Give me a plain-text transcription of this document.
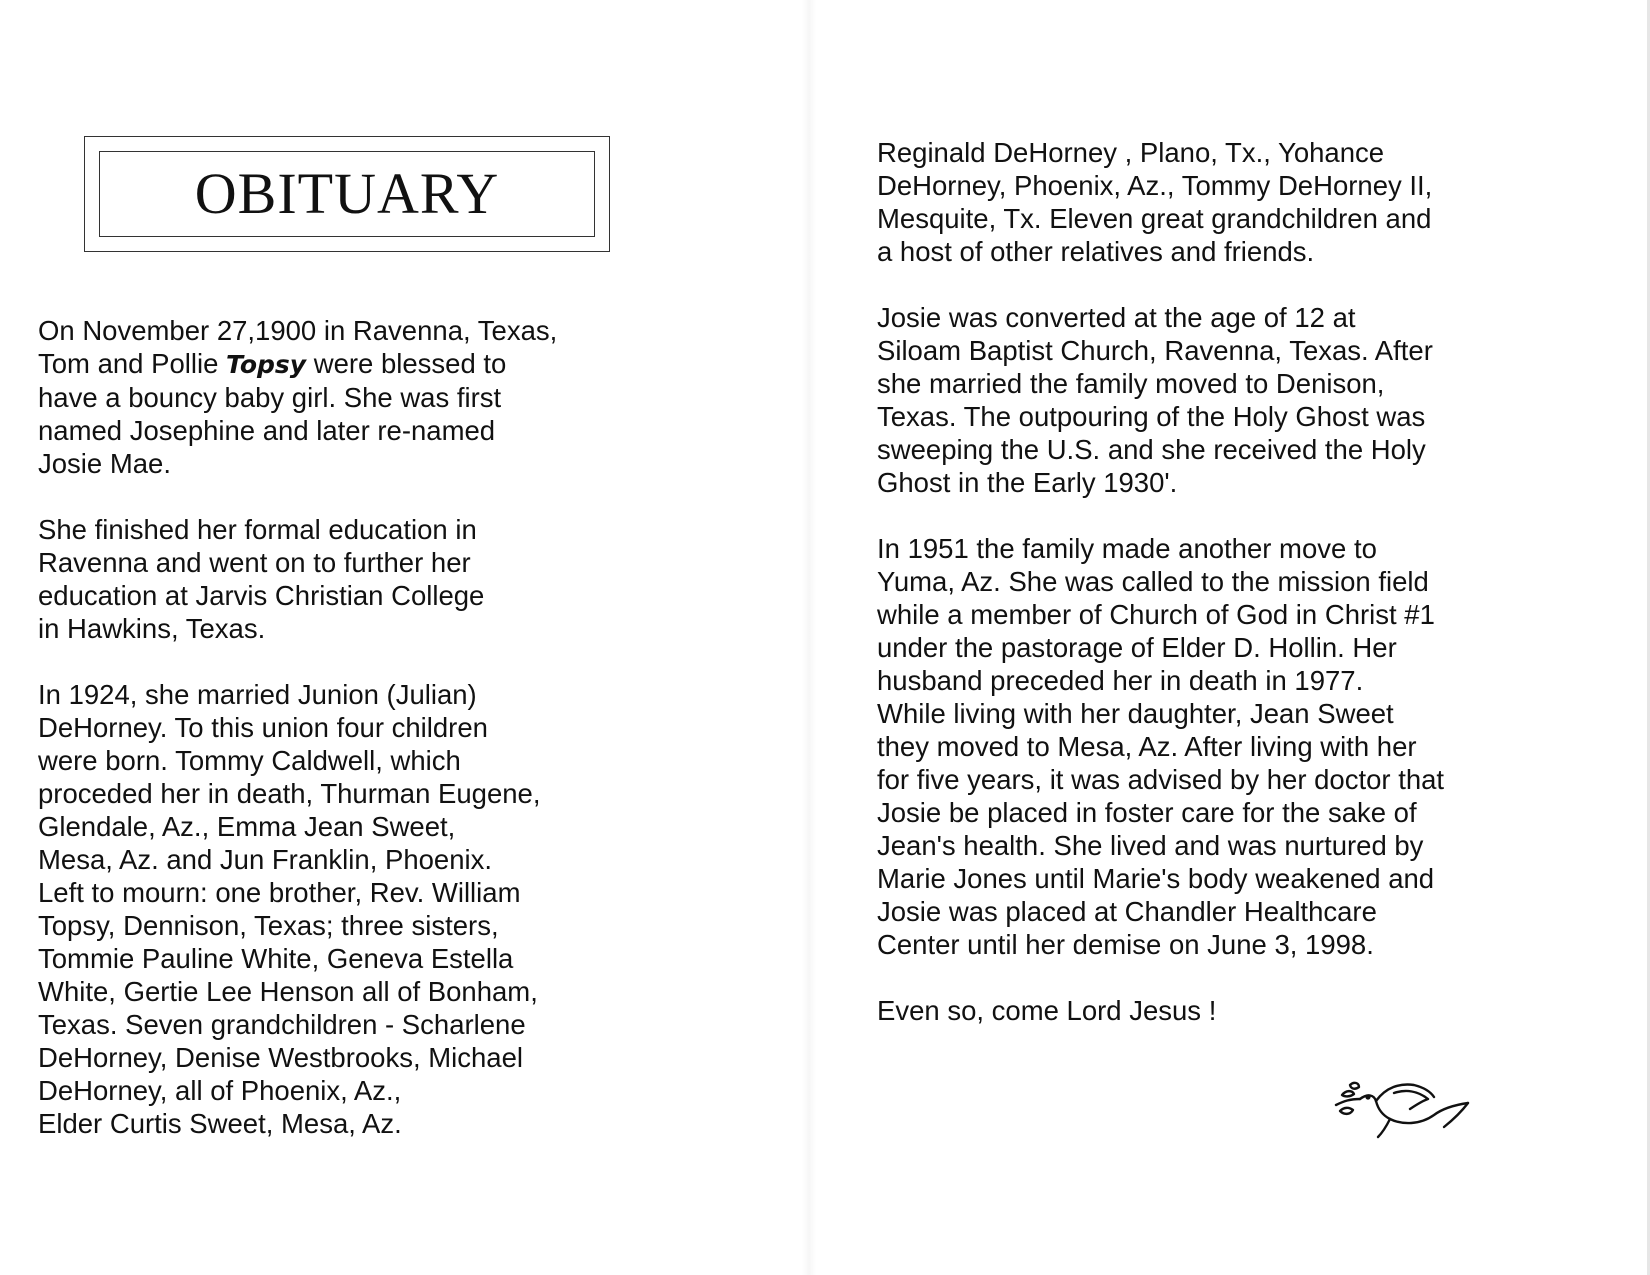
OBITUARY

On November 27,1900 in Ravenna, Texas,
Tom and Pollie Topsy were blessed to
have a bouncy baby girl. She was first
named Josephine and later re-named
Josie Mae.

She finished her formal education in
Ravenna and went on to further her
education at Jarvis Christian College
in Hawkins, Texas.

In 1924, she married Junion (Julian)
DeHorney. To this union four children
were born. Tommy Caldwell, which
proceded her in death, Thurman Eugene,
Glendale, Az., Emma Jean Sweet,
Mesa, Az. and Jun Franklin, Phoenix.
Left to mourn: one brother, Rev. William
Topsy, Dennison, Texas; three sisters,
Tommie Pauline White, Geneva Estella
White, Gertie Lee Henson all of Bonham,
Texas. Seven grandchildren - Scharlene
DeHorney, Denise Westbrooks, Michael
DeHorney, all of Phoenix, Az.,
Elder Curtis Sweet, Mesa, Az.

Reginald DeHorney , Plano, Tx., Yohance
DeHorney, Phoenix, Az., Tommy DeHorney II,
Mesquite, Tx. Eleven great grandchildren and
a host of other relatives and friends.

Josie was converted at the age of 12 at
Siloam Baptist Church, Ravenna, Texas. After
she married the family moved to Denison,
Texas. The outpouring of the Holy Ghost was
sweeping the U.S. and she received the Holy
Ghost in the Early 1930'.

In 1951 the family made another move to
Yuma, Az. She was called to the mission field
while a member of Church of God in Christ #1
under the pastorage of Elder D. Hollin. Her
husband preceded her in death in 1977.
While living with her daughter, Jean Sweet
they moved to Mesa, Az. After living with her
for five years, it was advised by her doctor that
Josie be placed in foster care for the sake of
Jean's health. She lived and was nurtured by
Marie Jones until Marie's body weakened and
Josie was placed at Chandler Healthcare
Center until her demise on June 3, 1998.

Even so, come Lord Jesus !
